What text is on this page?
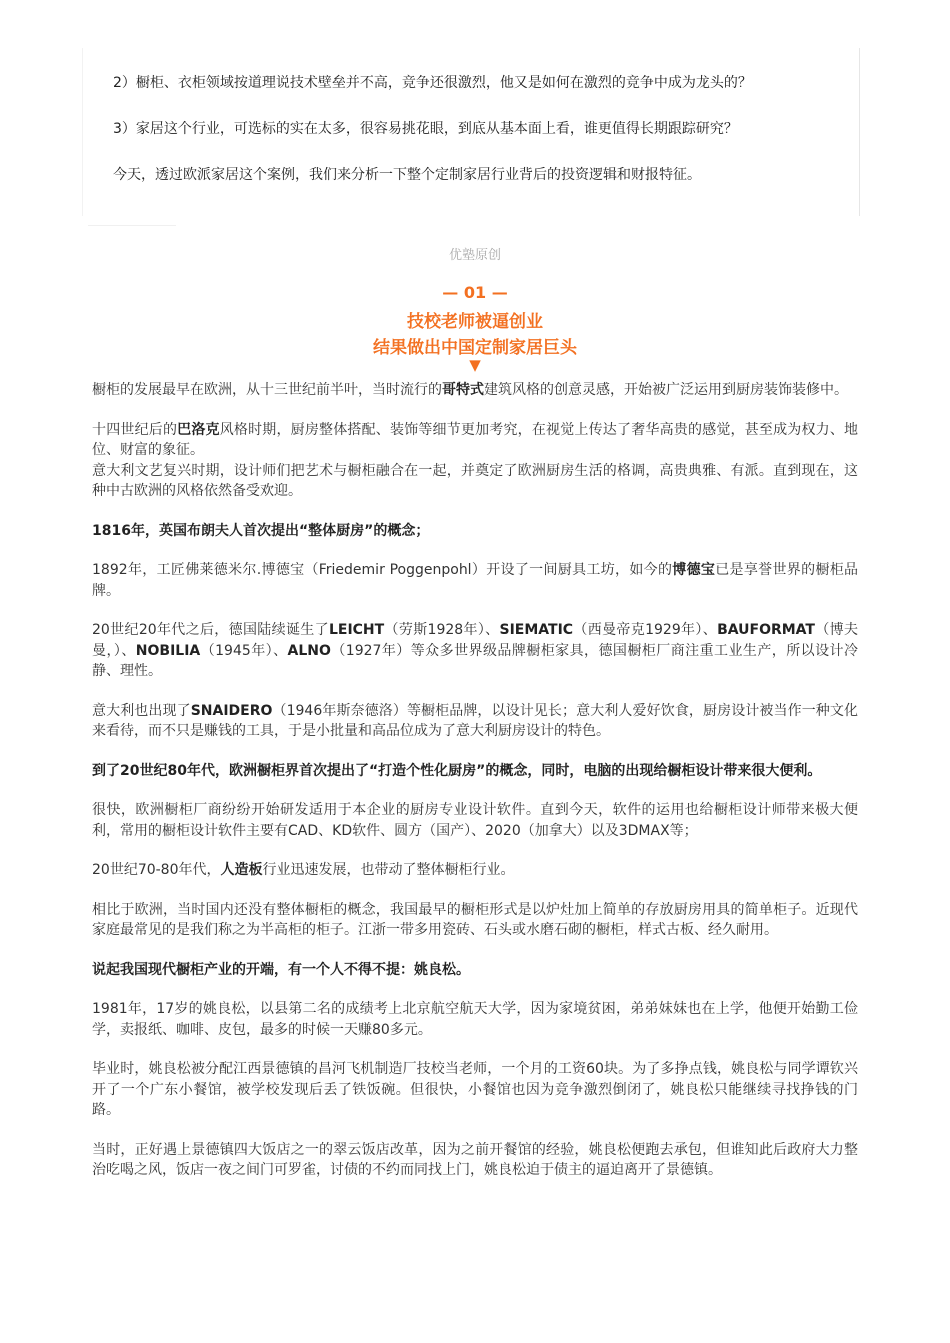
2）橱柜、衣柜领域按道理说技术壁垒并不高，竞争还很激烈，他又是如何在激烈的竞争中成为龙头的？
3）家居这个行业，可选标的实在太多，很容易挑花眼，到底从基本面上看，谁更值得长期跟踪研究？
今天，透过欧派家居这个案例，我们来分析一下整个定制家居行业背后的投资逻辑和财报特征。
优塾原创
— 01 —
技校老师被逼创业
结果做出中国定制家居巨头
▼

橱柜的发展最早在欧洲，从十三世纪前半叶，当时流行的哥特式建筑风格的创意灵感，开始被广泛运用到厨房装饰装修中。

十四世纪后的巴洛克风格时期，厨房整体搭配、装饰等细节更加考究，在视觉上传达了奢华高贵的感觉，甚至成为权力、地位、财富的象征。

意大利文艺复兴时期，设计师们把艺术与橱柜融合在一起，并奠定了欧洲厨房生活的格调，高贵典雅、有派。直到现在，这种中古欧洲的风格依然备受欢迎。

1816年，英国布朗夫人首次提出“整体厨房”的概念；

1892年，工匠佛莱德米尔.博德宝（Friedemir Poggenpohl）开设了一间厨具工坊，如今的博德宝已是享誉世界的橱柜品牌。

20世纪20年代之后，德国陆续诞生了LEICHT（劳斯1928年）、SIEMATIC（西曼帝克1929年）、BAUFORMAT（博夫曼，）、NOBILIA（1945年）、ALNO（1927年）等众多世界级品牌橱柜家具，德国橱柜厂商注重工业生产，所以设计冷静、理性。

意大利也出现了SNAIDERO（1946年斯奈德洛）等橱柜品牌，以设计见长；意大利人爱好饮食，厨房设计被当作一种文化来看待，而不只是赚钱的工具，于是小批量和高品位成为了意大利厨房设计的特色。

到了20世纪80年代，欧洲橱柜界首次提出了“打造个性化厨房”的概念，同时，电脑的出现给橱柜设计带来很大便利。

很快，欧洲橱柜厂商纷纷开始研发适用于本企业的厨房专业设计软件。直到今天，软件的运用也给橱柜设计师带来极大便利，常用的橱柜设计软件主要有CAD、KD软件、圆方（国产）、2020（加拿大）以及3DMAX等；

20世纪70-80年代，人造板行业迅速发展，也带动了整体橱柜行业。

相比于欧洲，当时国内还没有整体橱柜的概念，我国最早的橱柜形式是以炉灶加上简单的存放厨房用具的简单柜子。近现代家庭最常见的是我们称之为半高柜的柜子。江浙一带多用瓷砖、石头或水磨石砌的橱柜，样式古板、经久耐用。

说起我国现代橱柜产业的开端，有一个人不得不提：姚良松。

1981年，17岁的姚良松，以县第二名的成绩考上北京航空航天大学，因为家境贫困，弟弟妹妹也在上学，他便开始勤工俭学，卖报纸、咖啡、皮包，最多的时候一天赚80多元。

毕业时，姚良松被分配江西景德镇的昌河飞机制造厂技校当老师，一个月的工资60块。为了多挣点钱，姚良松与同学谭钦兴开了一个广东小餐馆，被学校发现后丢了铁饭碗。但很快，小餐馆也因为竞争激烈倒闭了，姚良松只能继续寻找挣钱的门路。

当时，正好遇上景德镇四大饭店之一的翠云饭店改革，因为之前开餐馆的经验，姚良松便跑去承包，但谁知此后政府大力整治吃喝之风，饭店一夜之间门可罗雀，讨债的不约而同找上门，姚良松迫于债主的逼迫离开了景德镇。
